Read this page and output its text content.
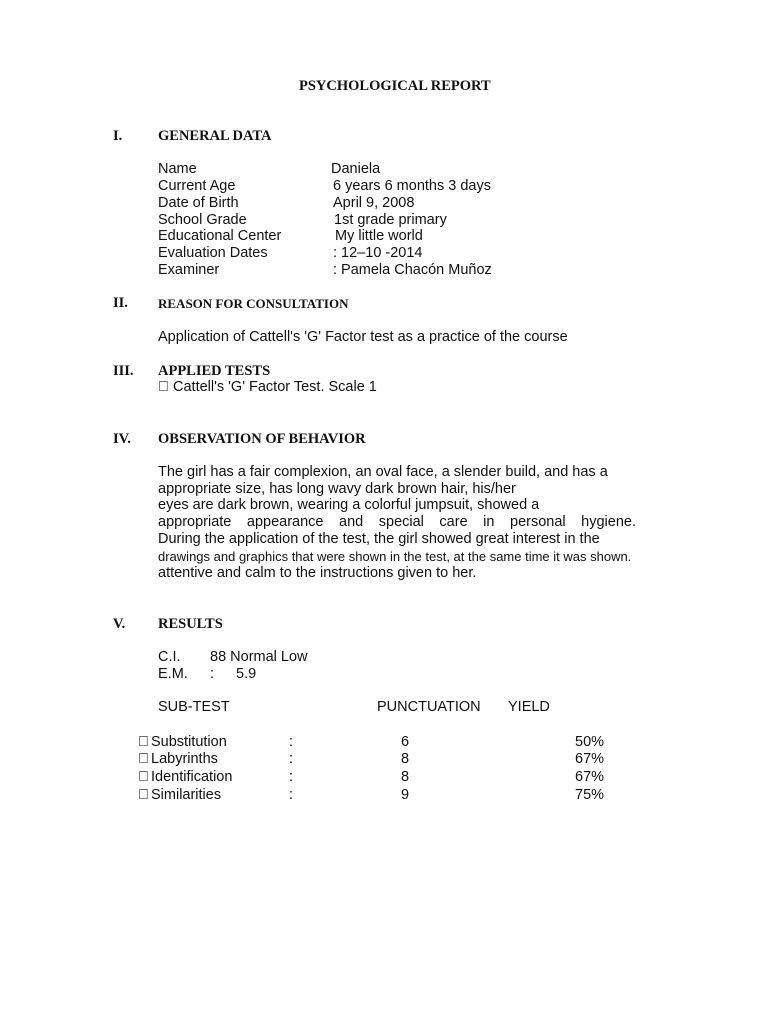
PSYCHOLOGICAL REPORT
I. GENERAL DATA
Name	Daniela
Current Age	6 years 6 months 3 days
Date of Birth	April 9, 2008
School Grade	1st grade primary
Educational Center	My little world
Evaluation Dates	: 12–10 -2014
Examiner	: Pamela Chacón Muñoz
II. REASON FOR CONSULTATION
Application of Cattell's 'G' Factor test as a practice of the course
III. APPLIED TESTS
Cattell's 'G' Factor Test. Scale 1
IV. OBSERVATION OF BEHAVIOR
The girl has a fair complexion, an oval face, a slender build, and has a
appropriate size, has long wavy dark brown hair, his/her
eyes are dark brown, wearing a colorful jumpsuit, showed a
appropriate appearance and special care in personal hygiene.
During the application of the test, the girl showed great interest in the
drawings and graphics that were shown in the test, at the same time it was shown.
attentive and calm to the instructions given to her.
V. RESULTS
C.I. 88 Normal Low
E.M. : 5.9
SUB-TEST	PUNCTUATION YIELD
Substitution	:	6	50%
Labyrinths	:	8	67%
Identification	:	8	67%
Similarities	:	9	75%
